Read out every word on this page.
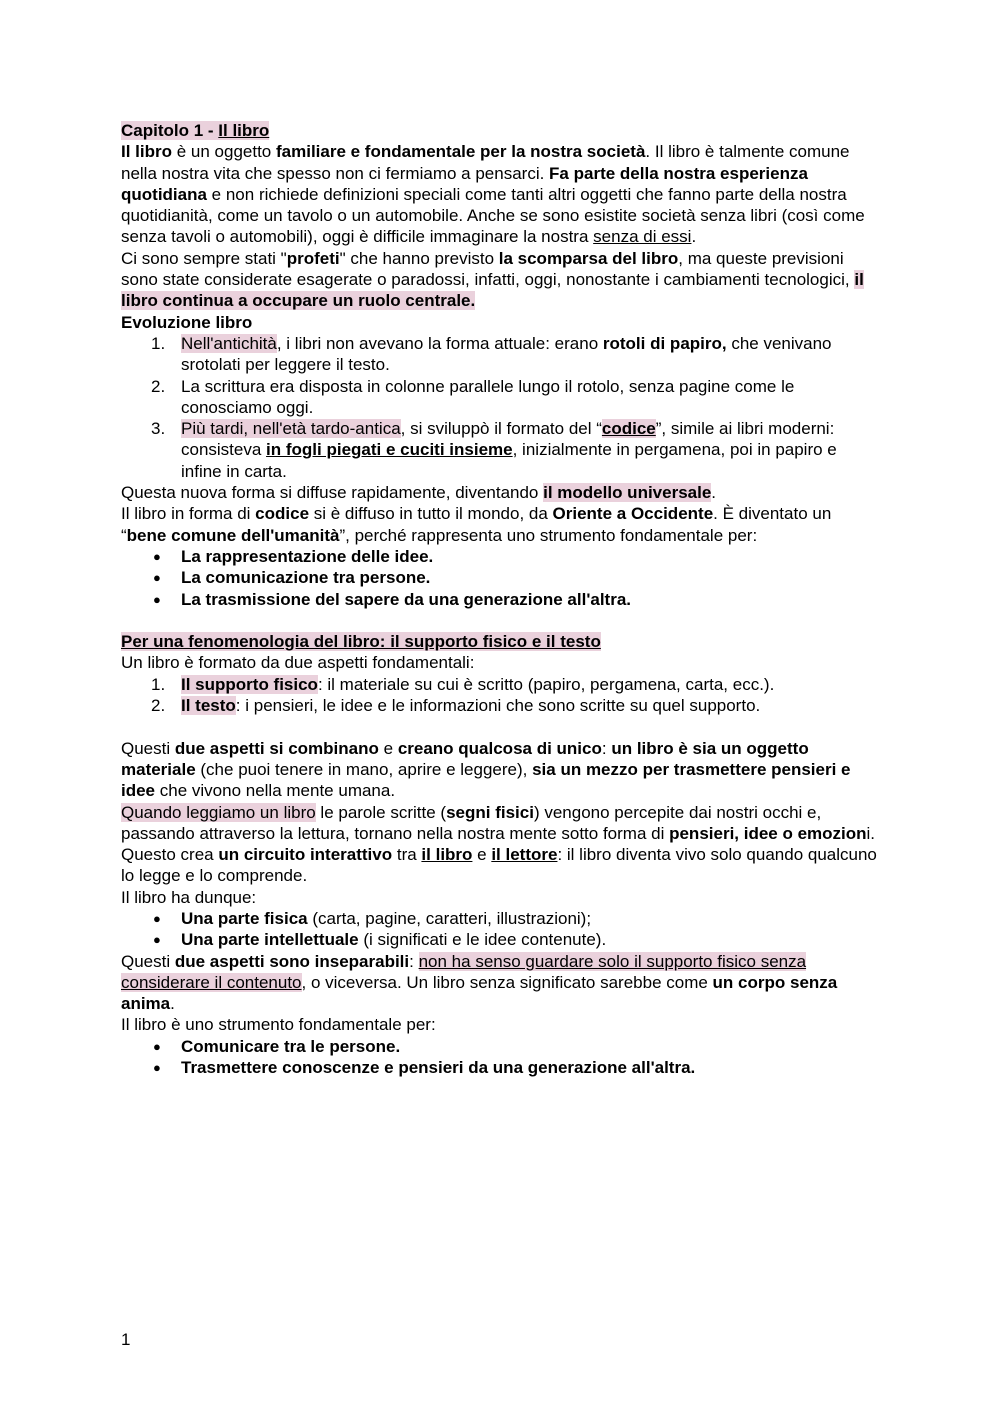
Capitolo 1 - Il libro

Il libro è un oggetto familiare e fondamentale per la nostra società. Il libro è talmente comune nella nostra vita che spesso non ci fermiamo a pensarci. Fa parte della nostra esperienza quotidiana e non richiede definizioni speciali come tanti altri oggetti che fanno parte della nostra quotidianità, come un tavolo o un automobile. Anche se sono esistite società senza libri (così come senza tavoli o automobili), oggi è difficile immaginare la nostra senza di essi.

Ci sono sempre stati "profeti" che hanno previsto la scomparsa del libro, ma queste previsioni sono state considerate esagerate o paradossi, infatti, oggi, nonostante i cambiamenti tecnologici, il libro continua a occupare un ruolo centrale.

Evoluzione libro

Nell'antichità, i libri non avevano la forma attuale: erano rotoli di papiro, che venivano srotolati per leggere il testo.
La scrittura era disposta in colonne parallele lungo il rotolo, senza pagine come le conosciamo oggi.
Più tardi, nell'età tardo-antica, si sviluppò il formato del “codice”, simile ai libri moderni: consisteva in fogli piegati e cuciti insieme, inizialmente in pergamena, poi in papiro e infine in carta.

Questa nuova forma si diffuse rapidamente, diventando il modello universale.

Il libro in forma di codice si è diffuso in tutto il mondo, da Oriente a Occidente. È diventato un “bene comune dell'umanità”, perché rappresenta uno strumento fondamentale per:

● La rappresentazione delle idee.
● La comunicazione tra persone.
● La trasmissione del sapere da una generazione all'altra.

Per una fenomenologia del libro: il supporto fisico e il testo

Un libro è formato da due aspetti fondamentali:

Il supporto fisico: il materiale su cui è scritto (papiro, pergamena, carta, ecc.).
Il testo: i pensieri, le idee e le informazioni che sono scritte su quel supporto.

Questi due aspetti si combinano e creano qualcosa di unico: un libro è sia un oggetto materiale (che puoi tenere in mano, aprire e leggere), sia un mezzo per trasmettere pensieri e idee che vivono nella mente umana.

Quando leggiamo un libro le parole scritte (segni fisici) vengono percepite dai nostri occhi e, passando attraverso la lettura, tornano nella nostra mente sotto forma di pensieri, idee o emozioni.

Questo crea un circuito interattivo tra il libro e il lettore: il libro diventa vivo solo quando qualcuno lo legge e lo comprende.

Il libro ha dunque:

● Una parte fisica (carta, pagine, caratteri, illustrazioni);
● Una parte intellettuale (i significati e le idee contenute).

Questi due aspetti sono inseparabili: non ha senso guardare solo il supporto fisico senza considerare il contenuto, o viceversa. Un libro senza significato sarebbe come un corpo senza anima.

Il libro è uno strumento fondamentale per:

● Comunicare tra le persone.
● Trasmettere conoscenze e pensieri da una generazione all'altra.
1
